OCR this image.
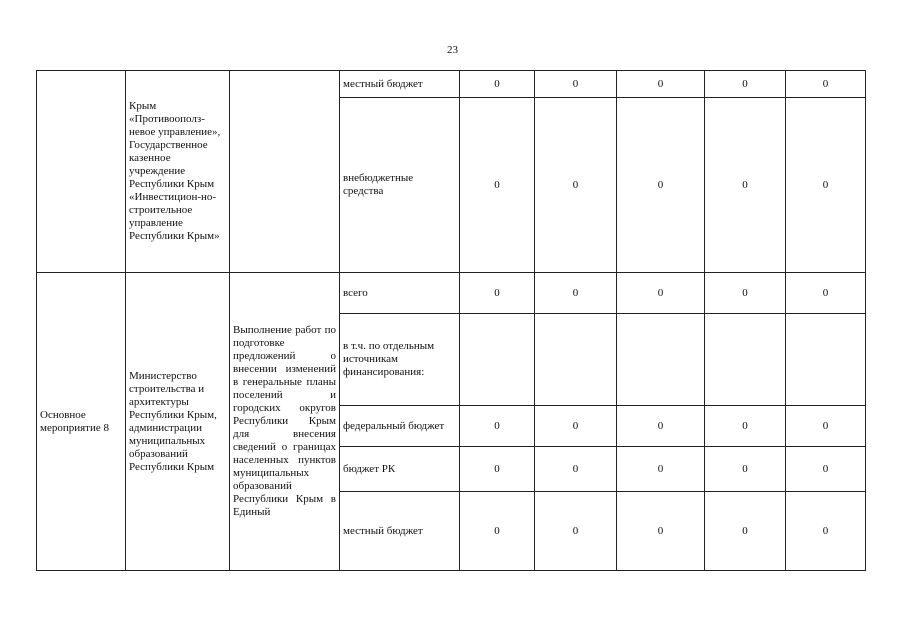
23

	Крым «Противоополз-невое управление», Государственное казенное учреждение Республики Крым «Инвестицион-но-строительное управление Республики Крым»		местный бюджет	0	0	0	0	0
			внебюджетные средства	0	0	0	0	0
Основное мероприятие 8	Министерство строительства и архитектуры Республики Крым, администрации муниципальных образований Республики Крым	Выполнение работ по подготовке предложений о внесении изменений в генеральные планы поселений и городских округов Республики Крым для внесения сведений о границах населенных пунктов муниципальных образований Республики Крым в Единый	всего	0	0	0	0	0
			в т.ч. по отдельным источникам финансирования:					
			федеральный бюджет	0	0	0	0	0
			бюджет РК	0	0	0	0	0
			местный бюджет	0	0	0	0	0
